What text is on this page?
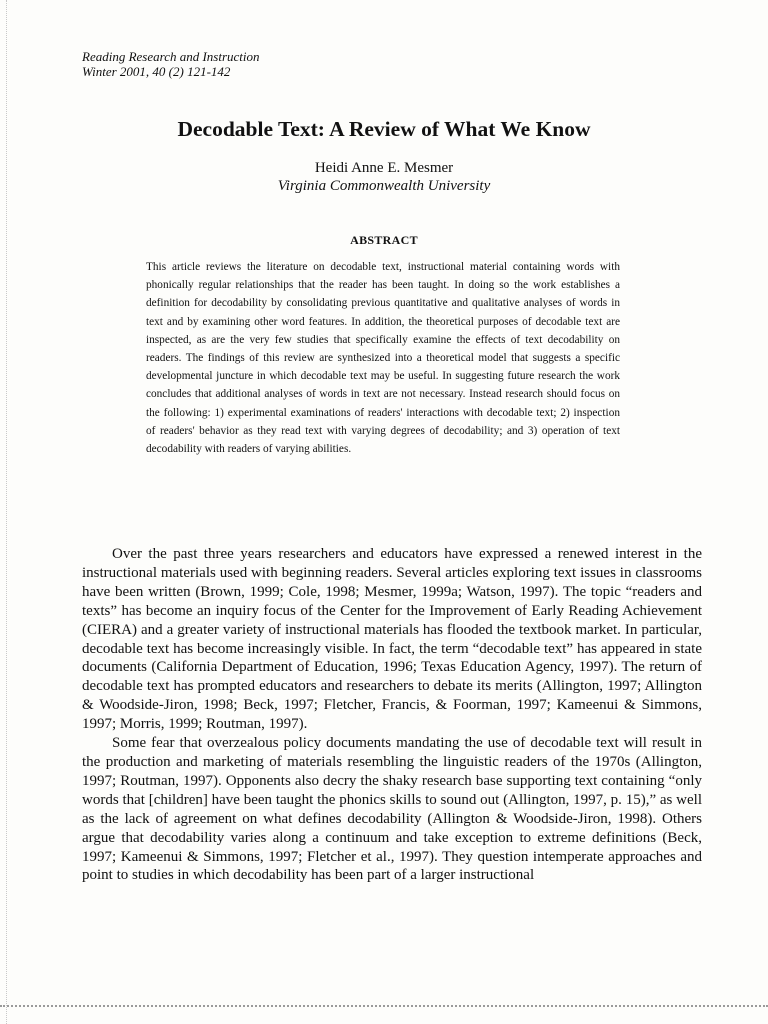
Reading Research and Instruction
Winter 2001, 40 (2) 121-142
Decodable Text: A Review of What We Know
Heidi Anne E. Mesmer
Virginia Commonwealth University
ABSTRACT

This article reviews the literature on decodable text, instructional material containing words with phonically regular relationships that the reader has been taught. In doing so the work establishes a definition for decodability by consolidating previous quantitative and qualitative analyses of words in text and by examining other word features. In addition, the theoretical purposes of decodable text are inspected, as are the very few studies that specifically examine the effects of text decodability on readers. The findings of this review are synthesized into a theoretical model that suggests a specific developmental juncture in which decodable text may be useful. In suggesting future research the work concludes that additional analyses of words in text are not necessary. Instead research should focus on the following: 1) experimental examinations of readers' interactions with decodable text; 2) inspection of readers' behavior as they read text with varying degrees of decodability; and 3) operation of text decodability with readers of varying abilities.

Over the past three years researchers and educators have expressed a renewed interest in the instructional materials used with beginning readers. Several articles exploring text issues in classrooms have been written (Brown, 1999; Cole, 1998; Mesmer, 1999a; Watson, 1997). The topic “readers and texts” has become an inquiry focus of the Center for the Improvement of Early Reading Achievement (CIERA) and a greater variety of instructional materials has flooded the textbook market. In particular, decodable text has become increasingly visible. In fact, the term “decodable text” has appeared in state documents (California Department of Education, 1996; Texas Education Agency, 1997). The return of decodable text has prompted educators and researchers to debate its merits (Allington, 1997; Allington & Woodside-Jiron, 1998; Beck, 1997; Fletcher, Francis, & Foorman, 1997; Kameenui & Simmons, 1997; Morris, 1999; Routman, 1997).

Some fear that overzealous policy documents mandating the use of decodable text will result in the production and marketing of materials resembling the linguistic readers of the 1970s (Allington, 1997; Routman, 1997). Opponents also decry the shaky research base supporting text containing “only words that [children] have been taught the phonics skills to sound out (Allington, 1997, p. 15),” as well as the lack of agreement on what defines decodability (Allington & Woodside-Jiron, 1998). Others argue that decodability varies along a continuum and take exception to extreme definitions (Beck, 1997; Kameenui & Simmons, 1997; Fletcher et al., 1997). They question intemperate approaches and point to studies in which decodability has been part of a larger instructional
